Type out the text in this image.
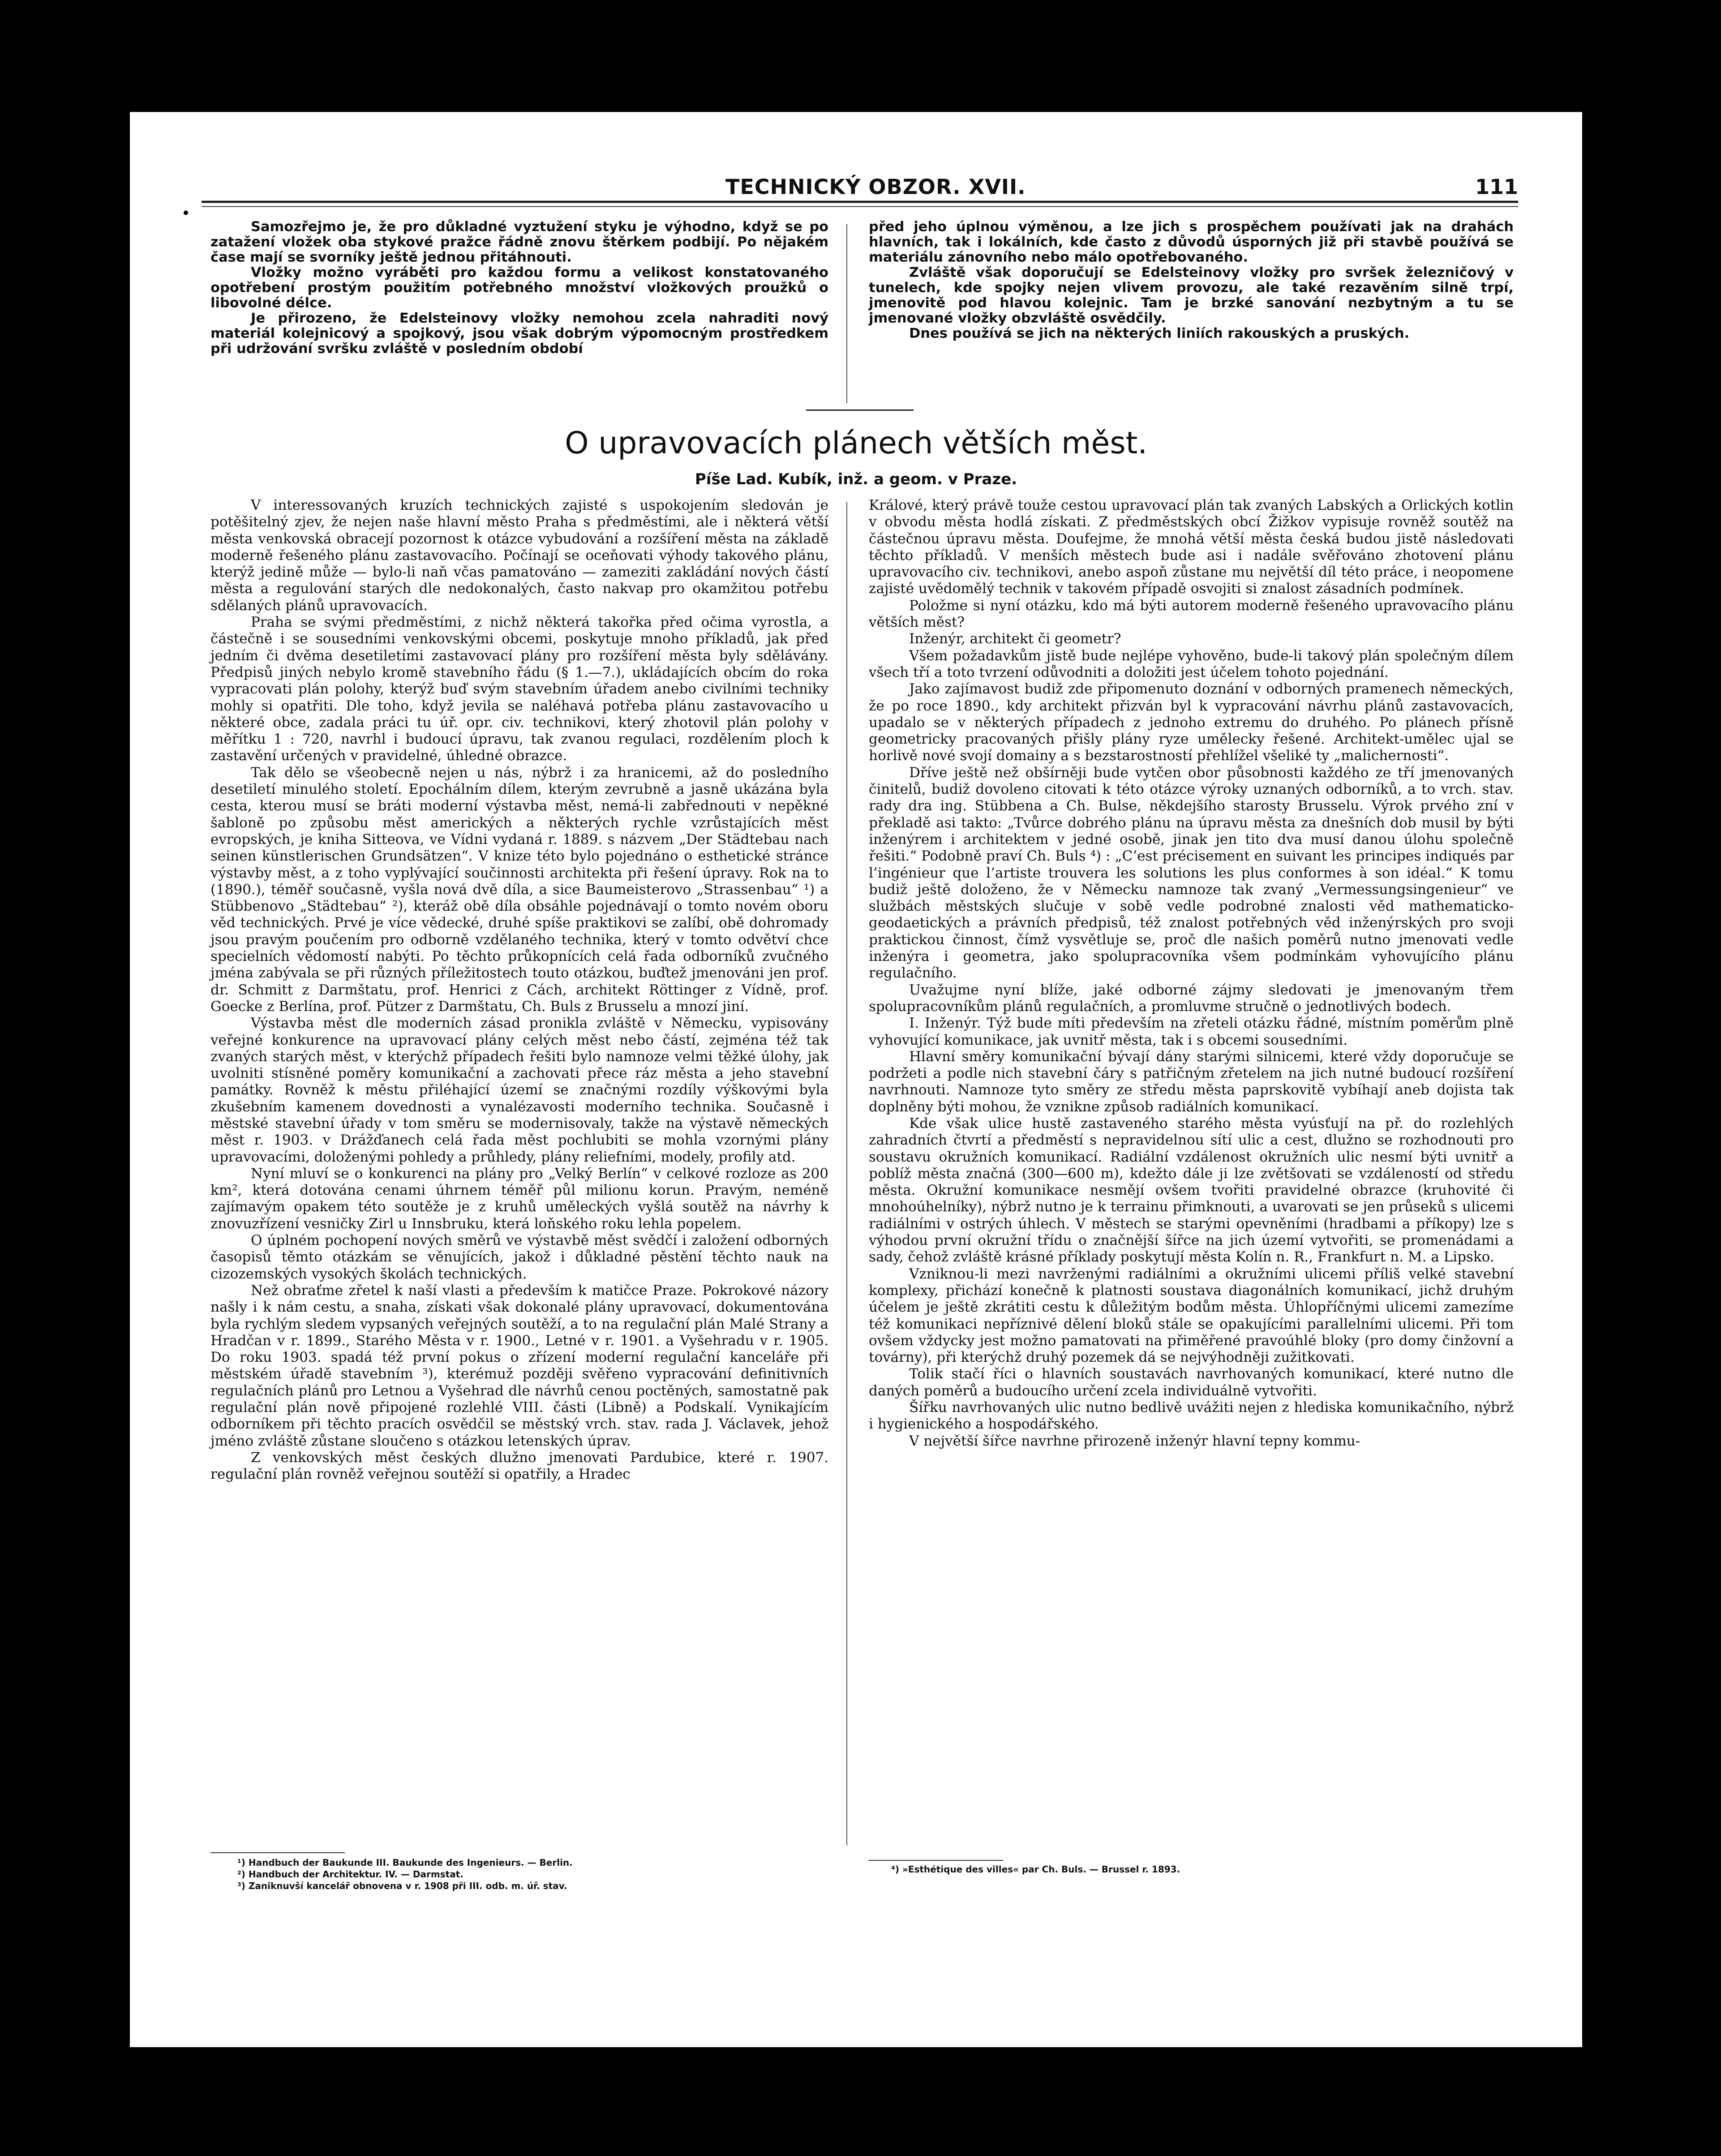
TECHNICKÝ OBZOR. XVII.	111

Samozřejmo je, že pro důkladné vyztužení styku je výhodno, když se po zatažení vložek oba stykové pražce řádně znovu štěrkem podbijí. Po nějakém čase mají se svorníky ještě jednou přitáhnouti.

Vložky možno vyráběti pro každou formu a velikost konstatovaného opotřebení prostým použitím potřebného množství vložkových proužků o libovolné délce.

Je přirozeno, že Edelsteinovy vložky nemohou zcela nahraditi nový materiál kolejnicový a spojkový, jsou však dobrým výpomocným prostředkem při udržování svršku zvláště v posledním období

před jeho úplnou výměnou, a lze jich s prospěchem používati jak na drahách hlavních, tak i lokálních, kde často z důvodů úsporných již při stavbě používá se materiálu zánovního nebo málo opotřebovaného.

Zvláště však doporučují se Edelsteinovy vložky pro svršek železničový v tunelech, kde spojky nejen vlivem provozu, ale také rezavěním silně trpí, jmenovitě pod hlavou kolejnic. Tam je brzké sanování nezbytným a tu se jmenované vložky obzvláště osvědčily.

Dnes používá se jich na některých liniích rakouských a pruských.

O upravovacích plánech větších měst.
Píše Lad. Kubík, inž. a geom. v Praze.

V interessovaných kruzích technických zajisté s uspokojením sledován je potěšitelný zjev, že nejen naše hlavní město Praha s předměstími, ale i některá větší města venkovská obracejí pozornost k otázce vybudování a rozšíření města na základě moderně řešeného plánu zastavovacího. Počínají se oceňovati výhody takového plánu, kterýž jedině může — bylo-li naň včas pamatováno — zameziti zakládání nových částí města a regulování starých dle nedokonalých, často nakvap pro okamžitou potřebu sdělaných plánů upravovacích.

Praha se svými předměstími, z nichž některá takořka před očima vyrostla, a částečně i se sousedními venkovskými obcemi, poskytuje mnoho příkladů, jak před jedním či dvěma desetiletími zastavovací plány pro rozšíření města byly sdělávány. Předpisů jiných nebylo kromě stavebního řádu (§ 1.—7.), ukládajících obcím do roka vypracovati plán polohy, kterýž buď svým stavebním úřadem anebo civilními techniky mohly si opatřiti. Dle toho, když jevila se naléhavá potřeba plánu zastavovacího u některé obce, zadala práci tu úř. opr. civ. technikovi, který zhotovil plán polohy v měřítku 1 : 720, navrhl i budoucí úpravu, tak zvanou regulaci, rozdělením ploch k zastavění určených v pravidelné, úhledné obrazce.

Tak dělo se všeobecně nejen u nás, nýbrž i za hranicemi, až do posledního desetiletí minulého století. Epochálním dílem, kterým zevrubně a jasně ukázána byla cesta, kterou musí se bráti moderní výstavba měst, nemá-li zabřednouti v nepěkné šabloně po způsobu měst amerických a některých rychle vzrůstajících měst evropských, je kniha Sitteova, ve Vídni vydaná r. 1889. s názvem „Der Städtebau nach seinen künstlerischen Grundsätzen“. V knize této bylo pojednáno o esthetické stránce výstavby měst, a z toho vyplývající součinnosti architekta při řešení úpravy. Rok na to (1890.), téměř současně, vyšla nová dvě díla, a sice Baumeisterovo „Strassenbau“ ¹) a Stübbenovo „Städtebau“ ²), kteráž obě díla obsáhle pojednávají o tomto novém oboru věd technických. Prvé je více vědecké, druhé spíše praktikovi se zalíbí, obě dohromady jsou pravým poučením pro odborně vzdělaného technika, který v tomto odvětví chce specielních vědomostí nabýti. Po těchto průkopnících celá řada odborníků zvučného jména zabývala se při různých příležitostech touto otázkou, buďtež jmenováni jen prof. dr. Schmitt z Darmštatu, prof. Henrici z Cách, architekt Röttinger z Vídně, prof. Goecke z Berlína, prof. Pützer z Darmštatu, Ch. Buls z Brusselu a mnozí jiní.

Výstavba měst dle moderních zásad pronikla zvláště v Německu, vypisovány veřejné konkurence na upravovací plány celých měst nebo částí, zejména též tak zvaných starých měst, v kterýchž případech řešiti bylo namnoze velmi těžké úlohy, jak uvolniti stísněné poměry komunikační a zachovati přece ráz města a jeho stavební památky. Rovněž k městu přiléhající území se značnými rozdíly výškovými byla zkušebním kamenem dovednosti a vynalézavosti moderního technika. Současně i městské stavební úřady v tom směru se modernisovaly, takže na výstavě německých měst r. 1903. v Drážďanech celá řada měst pochlubiti se mohla vzornými plány upravovacími, doloženými pohledy a průhledy, plány reliefními, modely, profily atd.

Nyní mluví se o konkurenci na plány pro „Velký Berlín“ v celkové rozloze as 200 km², která dotována cenami úhrnem téměř půl milionu korun. Pravým, neméně zajímavým opakem této soutěže je z kruhů uměleckých vyšlá soutěž na návrhy k znovuzřízení vesničky Zirl u Innsbruku, která loňského roku lehla popelem.

O úplném pochopení nových směrů ve výstavbě měst svědčí i založení odborných časopisů těmto otázkám se věnujících, jakož i důkladné pěstění těchto nauk na cizozemských vysokých školách technických.

Než obraťme zřetel k naší vlasti a především k matičce Praze. Pokrokové názory našly i k nám cestu, a snaha, získati však dokonalé plány upravovací, dokumentována byla rychlým sledem vypsaných veřejných soutěží, a to na regulační plán Malé Strany a Hradčan v r. 1899., Starého Města v r. 1900., Letné v r. 1901. a Vyšehradu v r. 1905. Do roku 1903. spadá též první pokus o zřízení moderní regulační kanceláře při městském úřadě stavebním ³), kterémuž později svěřeno vypracování definitivních regulačních plánů pro Letnou a Vyšehrad dle návrhů cenou poctěných, samostatně pak regulační plán nově připojené rozlehlé VIII. části (Libně) a Podskalí. Vynikajícím odborníkem při těchto pracích osvědčil se městský vrch. stav. rada J. Václavek, jehož jméno zvláště zůstane sloučeno s otázkou letenských úprav.

Z venkovských měst českých dlužno jmenovati Pardubice, které r. 1907. regulační plán rovněž veřejnou soutěží si opatřily, a Hradec

Králové, který právě touže cestou upravovací plán tak zvaných Labských a Orlických kotlin v obvodu města hodlá získati. Z předměstských obcí Žižkov vypisuje rovněž soutěž na částečnou úpravu města. Doufejme, že mnohá větší města česká budou jistě následovati těchto příkladů. V menších městech bude asi i nadále svěřováno zhotovení plánu upravovacího civ. technikovi, anebo aspoň zůstane mu největší díl této práce, i neopomene zajisté uvědomělý technik v takovém případě osvojiti si znalost zásadních podmínek.

Položme si nyní otázku, kdo má býti autorem moderně řešeného upravovacího plánu větších měst?

Inženýr, architekt či geometr?

Všem požadavkům jistě bude nejlépe vyhověno, bude-li takový plán společným dílem všech tří a toto tvrzení odůvodniti a doložiti jest účelem tohoto pojednání.

Jako zajímavost budiž zde připomenuto doznání v odborných pramenech německých, že po roce 1890., kdy architekt přizván byl k vypracování návrhu plánů zastavovacích, upadalo se v některých případech z jednoho extremu do druhého. Po plánech přísně geometricky pracovaných přišly plány ryze umělecky řešené. Architekt-umělec ujal se horlivě nové svojí domainy a s bezstarostností přehlížel všeliké ty „malichernosti“.

Dříve ještě než obšírněji bude vytčen obor působnosti každého ze tří jmenovaných činitelů, budiž dovoleno citovati k této otázce výroky uznaných odborníků, a to vrch. stav. rady dra ing. Stübbena a Ch. Bulse, někdejšího starosty Brusselu. Výrok prvého zní v překladě asi takto: „Tvůrce dobrého plánu na úpravu města za dnešních dob musil by býti inženýrem i architektem v jedné osobě, jinak jen tito dva musí danou úlohu společně řešiti.“ Podobně praví Ch. Buls ⁴) : „C’est précisement en suivant les principes indiqués par l’ingénieur que l’artiste trouvera les solutions les plus conformes à son idéal.“ K tomu budiž ještě doloženo, že v Německu namnoze tak zvaný „Vermessungsingenieur“ ve službách městských slučuje v sobě vedle podrobné znalosti věd mathematicko-geodaetických a právních předpisů, též znalost potřebných věd inženýrských pro svoji praktickou činnost, čímž vysvětluje se, proč dle našich poměrů nutno jmenovati vedle inženýra i geometra, jako spolupracovníka všem podmínkám vyhovujícího plánu regulačního.

Uvažujme nyní blíže, jaké odborné zájmy sledovati je jmenovaným třem spolupracovníkům plánů regulačních, a promluvme stručně o jednotlivých bodech.

I. Inženýr. Týž bude míti především na zřeteli otázku řádné, místním poměrům plně vyhovující komunikace, jak uvnitř města, tak i s obcemi sousedními.

Hlavní směry komunikační bývají dány starými silnicemi, které vždy doporučuje se podržeti a podle nich stavební čáry s patřičným zřetelem na jich nutné budoucí rozšíření navrhnouti. Namnoze tyto směry ze středu města paprskovitě vybíhají aneb dojista tak doplněny býti mohou, že vznikne způsob radiálních komunikací.

Kde však ulice hustě zastaveného starého města vyúsťují na př. do rozlehlých zahradních čtvrtí a předměstí s nepravidelnou sítí ulic a cest, dlužno se rozhodnouti pro soustavu okružních komunikací. Radiální vzdálenost okružních ulic nesmí býti uvnitř a poblíž města značná (300—600 m), kdežto dále ji lze zvětšovati se vzdáleností od středu města. Okružní komunikace nesmějí ovšem tvořiti pravidelné obrazce (kruhovité či mnohoúhelníky), nýbrž nutno je k terrainu přimknouti, a uvarovati se jen průseků s ulicemi radiálními v ostrých úhlech. V městech se starými opevněními (hradbami a příkopy) lze s výhodou první okružní třídu o značnější šířce na jich území vytvořiti, se promenádami a sady, čehož zvláště krásné příklady poskytují města Kolín n. R., Frankfurt n. M. a Lipsko.

Vzniknou-li mezi navrženými radiálními a okružními ulicemi příliš velké stavební komplexy, přichází konečně k platnosti soustava diagonálních komunikací, jichž druhým účelem je ještě zkrátiti cestu k důležitým bodům města. Úhlopříčnými ulicemi zamezíme též komunikaci nepříznivé dělení bloků stále se opakujícími parallelními ulicemi. Při tom ovšem vždycky jest možno pamatovati na přiměřené pravoúhlé bloky (pro domy činžovní a továrny), při kterýchž druhý pozemek dá se nejvýhodněji zužitkovati.

Tolik stačí říci o hlavních soustavách navrhovaných komunikací, které nutno dle daných poměrů a budoucího určení zcela individuálně vytvořiti.

Šířku navrhovaných ulic nutno bedlivě uvážiti nejen z hlediska komunikačního, nýbrž i hygienického a hospodářského.

V největší šířce navrhne přirozeně inženýr hlavní tepny kommu-

¹) Handbuch der Baukunde III. Baukunde des Ingenieurs. — Berlin.
²) Handbuch der Architektur. IV. — Darmstat.
³) Zaniknuvší kancelář obnovena v r. 1908 při III. odb. m. úř. stav.
⁴) »Esthétique des villes« par Ch. Buls. — Brussel r. 1893.
